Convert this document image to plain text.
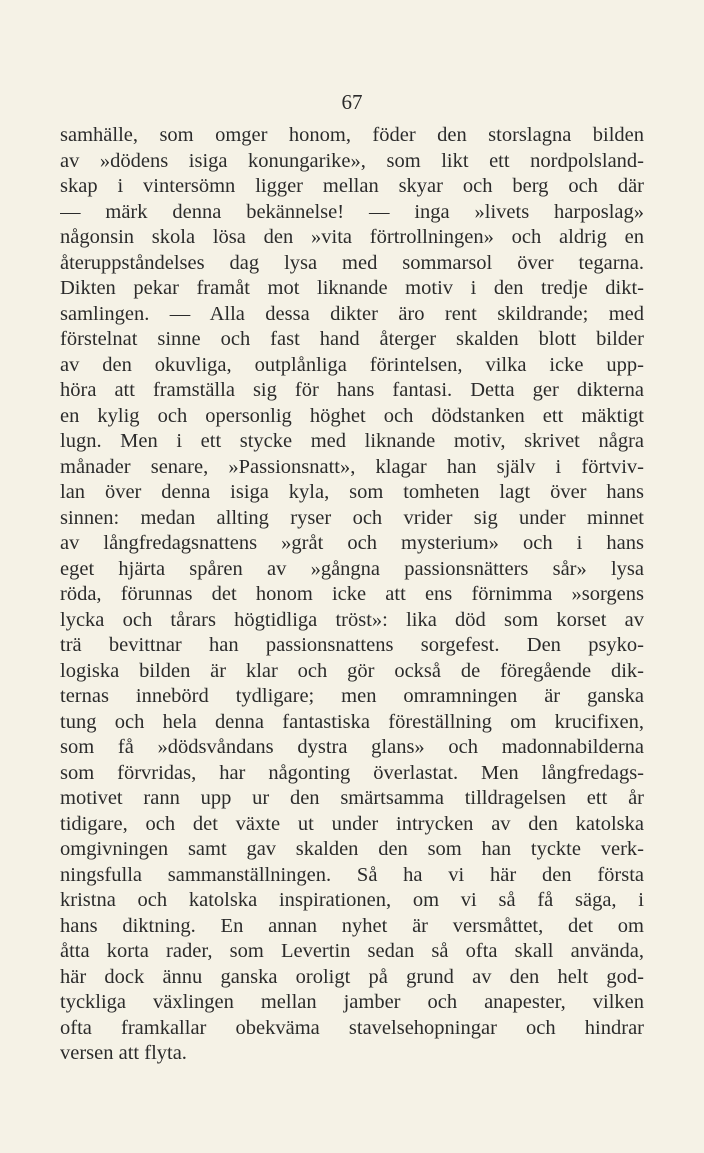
67
samhälle, som omger honom, föder den storslagna bilden
av »dödens isiga konungarike», som likt ett nordpolsland-
skap i vintersömn ligger mellan skyar och berg och där
— märk denna bekännelse! — inga »livets harposlag»
någonsin skola lösa den »vita förtrollningen» och aldrig en
återuppståndelses dag lysa med sommarsol över tegarna.
Dikten pekar framåt mot liknande motiv i den tredje dikt-
samlingen. — Alla dessa dikter äro rent skildrande; med
förstelnat sinne och fast hand återger skalden blott bilder
av den okuvliga, outplånliga förintelsen, vilka icke upp-
höra att framställa sig för hans fantasi. Detta ger dikterna
en kylig och opersonlig höghet och dödstanken ett mäktigt
lugn. Men i ett stycke med liknande motiv, skrivet några
månader senare, »Passionsnatt», klagar han själv i förtviv-
lan över denna isiga kyla, som tomheten lagt över hans
sinnen: medan allting ryser och vrider sig under minnet
av långfredagsnattens »gråt och mysterium» och i hans
eget hjärta spåren av »gångna passionsnätters sår» lysa
röda, förunnas det honom icke att ens förnimma »sorgens
lycka och tårars högtidliga tröst»: lika död som korset av
trä bevittnar han passionsnattens sorgefest. Den psyko-
logiska bilden är klar och gör också de föregående dik-
ternas innebörd tydligare; men omramningen är ganska
tung och hela denna fantastiska föreställning om krucifixen,
som få »dödsvåndans dystra glans» och madonnabilderna
som förvridas, har någonting överlastat. Men långfredags-
motivet rann upp ur den smärtsamma tilldragelsen ett år
tidigare, och det växte ut under intrycken av den katolska
omgivningen samt gav skalden den som han tyckte verk-
ningsfulla sammanställningen. Så ha vi här den första
kristna och katolska inspirationen, om vi så få säga, i
hans diktning. En annan nyhet är versmåttet, det om
åtta korta rader, som Levertin sedan så ofta skall använda,
här dock ännu ganska oroligt på grund av den helt god-
tyckliga växlingen mellan jamber och anapester, vilken
ofta framkallar obekväma stavelsehopningar och hindrar
versen att flyta.
